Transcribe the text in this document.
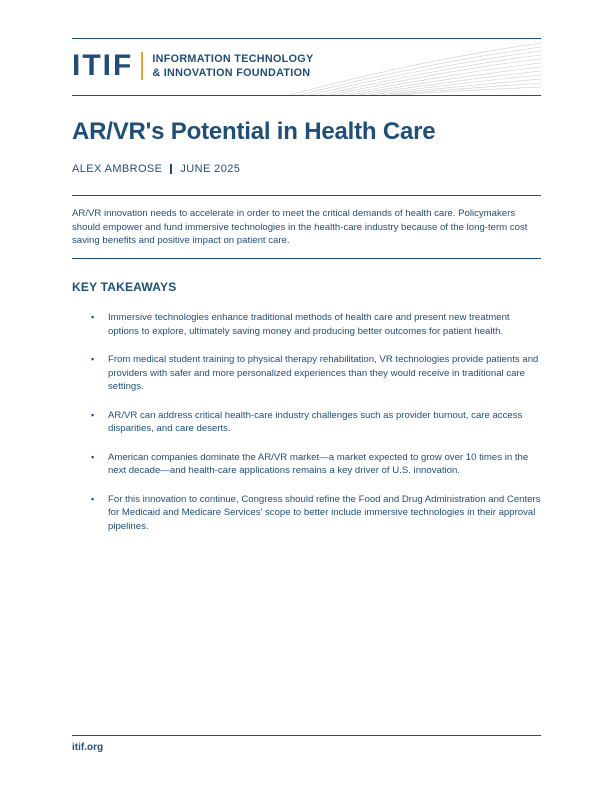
ITIF INFORMATION TECHNOLOGY
& INNOVATION FOUNDATION
AR/VR's Potential in Health Care
ALEX AMBROSE JUNE 2025

AR/VR innovation needs to accelerate in order to meet the critical demands of health care. Policymakers should empower and fund immersive technologies in the health-care industry because of the long-term cost saving benefits and positive impact on patient care.

KEY TAKEAWAYS
▪ Immersive technologies enhance traditional methods of health care and present new treatment options to explore, ultimately saving money and producing better outcomes for patient health.
▪ From medical student training to physical therapy rehabilitation, VR technologies provide patients and providers with safer and more personalized experiences than they would receive in traditional care settings.
▪ AR/VR can address critical health-care industry challenges such as provider burnout, care access disparities, and care deserts.
▪ American companies dominate the AR/VR market—a market expected to grow over 10 times in the next decade—and health-care applications remains a key driver of U.S. innovation.
▪ For this innovation to continue, Congress should refine the Food and Drug Administration and Centers for Medicaid and Medicare Services' scope to better include immersive technologies in their approval pipelines.
itif.org
